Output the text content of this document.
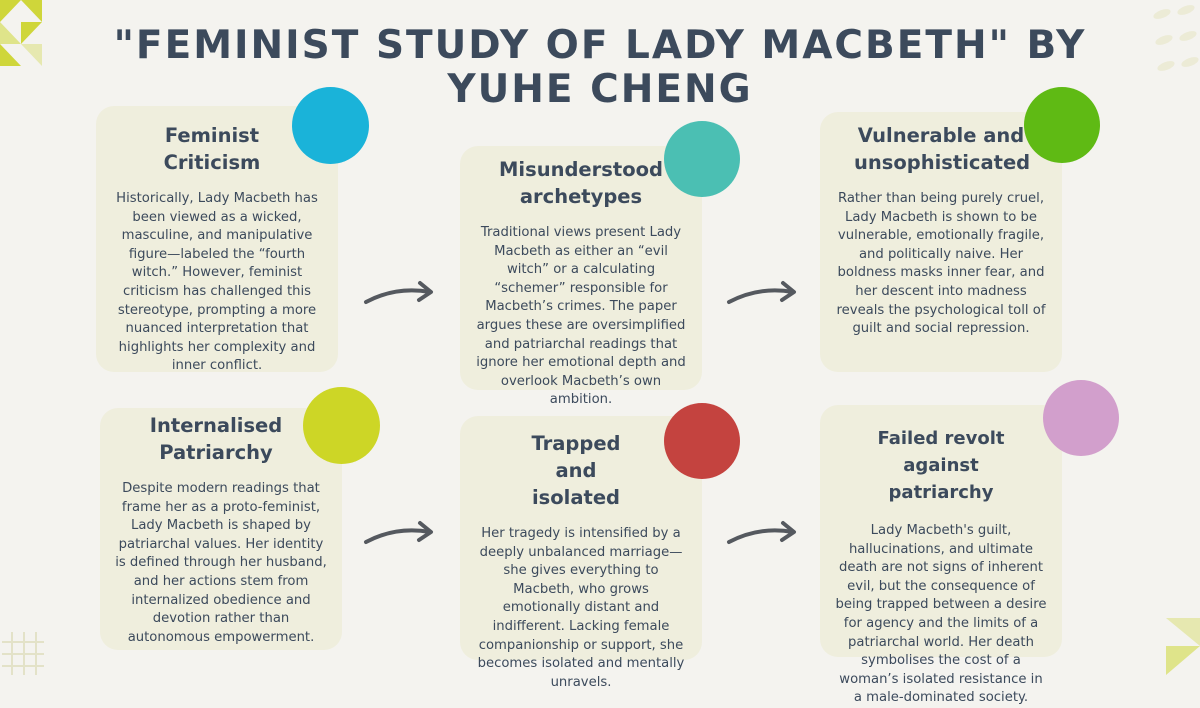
"FEMINIST STUDY OF LADY MACBETH" BY YUHE CHENG
Feminist Criticism

Historically, Lady Macbeth has been viewed as a wicked, masculine, and manipulative figure—labeled the “fourth witch.” However, feminist criticism has challenged this stereotype, prompting a more nuanced interpretation that highlights her complexity and inner conflict.

Misunderstood archetypes

Traditional views present Lady Macbeth as either an “evil witch” or a calculating “schemer” responsible for Macbeth’s crimes. The paper argues these are oversimplified and patriarchal readings that ignore her emotional depth and overlook Macbeth’s own ambition.

Vulnerable and unsophisticated

Rather than being purely cruel, Lady Macbeth is shown to be vulnerable, emotionally fragile, and politically naive. Her boldness masks inner fear, and her descent into madness reveals the psychological toll of guilt and social repression.

Internalised Patriarchy

Despite modern readings that frame her as a proto-feminist, Lady Macbeth is shaped by patriarchal values. Her identity is defined through her husband, and her actions stem from internalized obedience and devotion rather than autonomous empowerment.

Trapped and isolated

Her tragedy is intensified by a deeply unbalanced marriage—she gives everything to Macbeth, who grows emotionally distant and indifferent. Lacking female companionship or support, she becomes isolated and mentally unravels.

Failed revolt against patriarchy

Lady Macbeth's guilt, hallucinations, and ultimate death are not signs of inherent evil, but the consequence of being trapped between a desire for agency and the limits of a patriarchal world. Her death symbolises the cost of a woman’s isolated resistance in a male-dominated society.
